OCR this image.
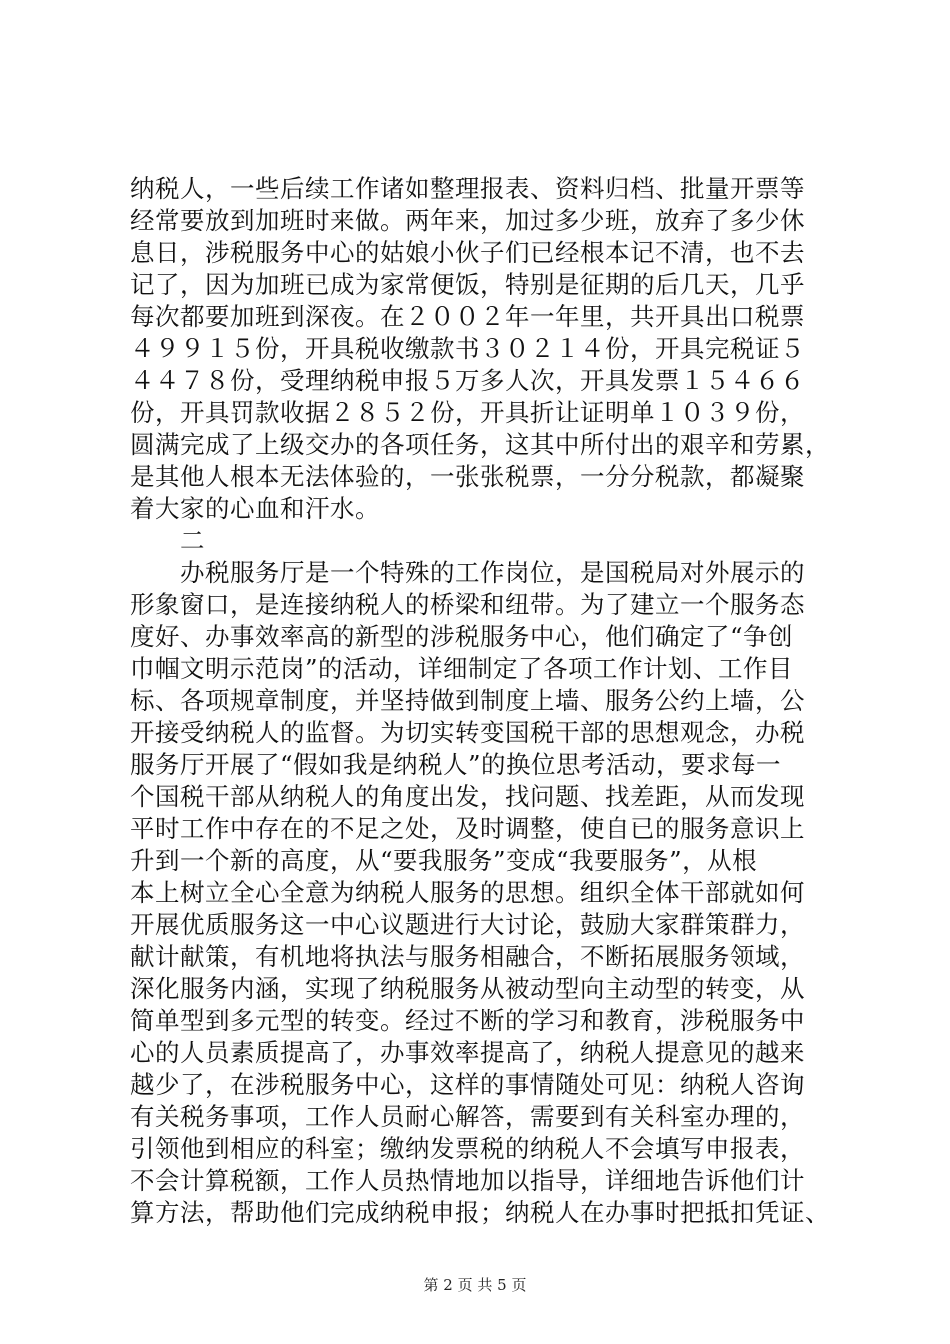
纳税人，一些后续工作诸如整理报表、资料归档、批量开票等
经常要放到加班时来做。两年来，加过多少班，放弃了多少休
息日，涉税服务中心的姑娘小伙子们已经根本记不清，也不去
记了，因为加班已成为家常便饭，特别是征期的后几天，几乎
每次都要加班到深夜。在２００２年一年里，共开具出口税票
４９９１５份，开具税收缴款书３０２１４份，开具完税证５
４４７８份，受理纳税申报５万多人次，开具发票１５４６６
份，开具罚款收据２８５２份，开具折让证明单１０３９份，
圆满完成了上级交办的各项任务，这其中所付出的艰辛和劳累，
是其他人根本无法体验的，一张张税票，一分分税款，都凝聚
着大家的心血和汗水。
　　二
　　办税服务厅是一个特殊的工作岗位，是国税局对外展示的
形象窗口，是连接纳税人的桥梁和纽带。为了建立一个服务态
度好、办事效率高的新型的涉税服务中心，他们确定了“争创
巾帼文明示范岗”的活动，详细制定了各项工作计划、工作目
标、各项规章制度，并坚持做到制度上墙、服务公约上墙，公
开接受纳税人的监督。为切实转变国税干部的思想观念，办税
服务厅开展了“假如我是纳税人”的换位思考活动，要求每一
个国税干部从纳税人的角度出发，找问题、找差距，从而发现
平时工作中存在的不足之处，及时调整，使自已的服务意识上
升到一个新的高度，从“要我服务”变成“我要服务”，从根
本上树立全心全意为纳税人服务的思想。组织全体干部就如何
开展优质服务这一中心议题进行大讨论，鼓励大家群策群力，
献计献策，有机地将执法与服务相融合，不断拓展服务领域，
深化服务内涵，实现了纳税服务从被动型向主动型的转变，从
简单型到多元型的转变。经过不断的学习和教育，涉税服务中
心的人员素质提高了，办事效率提高了，纳税人提意见的越来
越少了，在涉税服务中心，这样的事情随处可见：纳税人咨询
有关税务事项，工作人员耐心解答，需要到有关科室办理的，
引领他到相应的科室；缴纳发票税的纳税人不会填写申报表，
不会计算税额，工作人员热情地加以指导，详细地告诉他们计
算方法，帮助他们完成纳税申报；纳税人在办事时把抵扣凭证、
第 2 页 共 5 页
